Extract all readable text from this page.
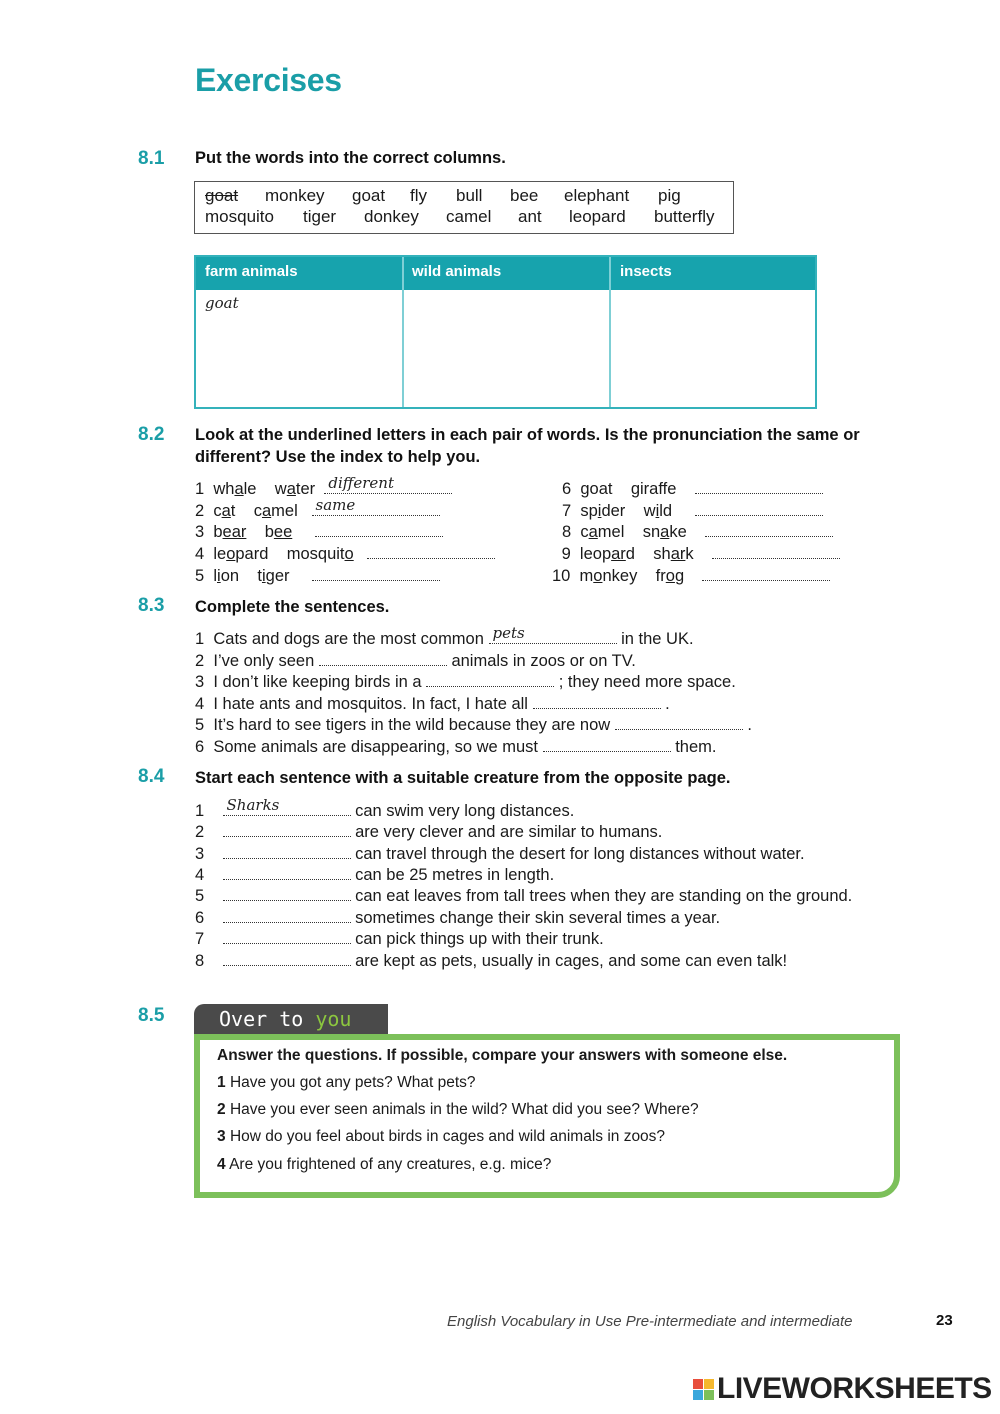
Exercises
8.1 Put the words into the correct columns.
goat monkey goat fly bull bee elephant pig
mosquito tiger donkey camel ant leopard butterfly
farm animals	wild animals	insects
goat
8.2 Look at the underlined letters in each pair of words. Is the pronunciation the same or
different? Use the index to help you.
1  whale    water different
2  cat    camel same
3  bear    bee
4  leopard    mosquito
5  lion    tiger
6  goat    giraffe
7  spider    wild
8  camel    snake
9  leopard    shark
10  monkey    frog
8.3 Complete the sentences.
1 Cats and dogs are the most common pets	in the UK.
2 I’ve only seen	animals in zoos or on TV.
3 I don’t like keeping birds in a	; they need more space.
4 I hate ants and mosquitos. In fact, I hate all	.
5 It’s hard to see tigers in the wild because they are now	.
6 Some animals are disappearing, so we must	them.
8.4 Start each sentence with a suitable creature from the opposite page.
1 Sharks	can swim very long distances.
2	are very clever and are similar to humans.
3	can travel through the desert for long distances without water.
4	can be 25 metres in length.
5	can eat leaves from tall trees when they are standing on the ground.
6	sometimes change their skin several times a year.
7	can pick things up with their trunk.
8	are kept as pets, usually in cages, and some can even talk!
8.5	Over to you
Answer the questions. If possible, compare your answers with someone else.
1 Have you got any pets? What pets?
2 Have you ever seen animals in the wild? What did you see? Where?
3 How do you feel about birds in cages and wild animals in zoos?
4 Are you frightened of any creatures, e.g. mice?
English Vocabulary in Use Pre-intermediate and intermediate	23
LIVEWORKSHEETS
